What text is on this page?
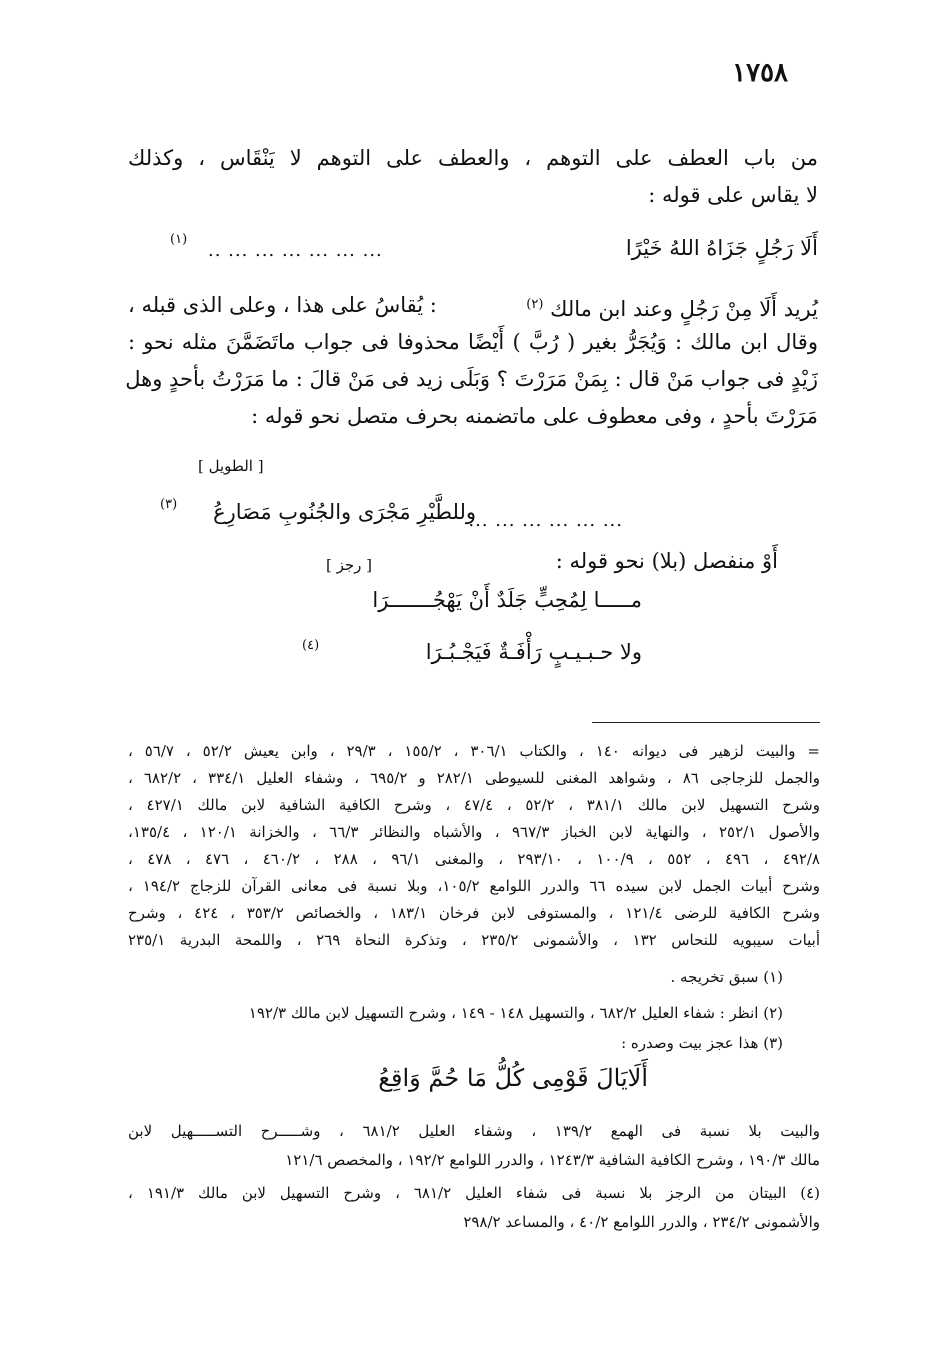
١٧٥٨
من باب العطف على التوهم ، والعطف على التوهم لا يَنْقَاس ، وكذلك
لا يقاس على قوله :
أَلَا رَجُلٍ جَزَاهُ اللهُ خَيْرًا
.. ... ... ... ... ... ...
(١)
يُريد أَلَا مِنْ رَجُلٍ وعند ابن مالك $^{(٢)}$
: يُقاسُ على هذا ، وعلى الذى قبله ،
وقال ابن مالك : وَيُجَرُّ بغير ( رُبَّ ) أَيْضًا محذوفا فى جواب ماتَضَمَّنَ مثله نحو :
زَيْدٍ فى جواب مَنْ قال : بِمَنْ مَرَرْتَ ؟ وَبَلَى زيد فى مَنْ قالَ : ما مَرَرْتُ بأحدٍ وهل
مَرَرْتَ بأحدٍ ، وفى معطوف على ماتضمنه بحرف متصل نحو قوله :
[ الطويل ]
وللطَّيْرِ مَجْرَى والجُنُوبِ مَصَارِعُ
(٣)
... ... ... ... ... ...
أَوْ منفصل (بلا) نحو قوله :
[ رجز ]
مـــــا لِمُحِبٍّ جَلَدٌ أَنْ يَهْجُـــــــرَا
ولا حـبـيـبٍ رَأْفَـةٌ فَيَجْـبُـرَا
(٤)
= والبيت لزهير فى ديوانه ١٤٠ ، والكتاب ٣٠٦/١ ، ١٥٥/٢ ، ٢٩/٣ ، وابن يعيش ٥٢/٢ ، ٥٦/٧ ،
والجمل للزجاجى ٨٦ ، وشواهد المغنى للسيوطى ٢٨٢/١ و ٦٩٥/٢ ، وشفاء العليل ٣٣٤/١ ، ٦٨٢/٢ ،
وشرح التسهيل لابن مالك ٣٨١/١ ، ٥٢/٢ ، ٤٧/٤ ، وشرح الكافية الشافية لابن مالك ٤٢٧/١ ،
والأصول ٢٥٢/١ ، والنهاية لابن الخباز ٩٦٧/٣ ، والأشباه والنظائر ٦٦/٣ ، والخزانة ١٢٠/١ ، ١٣٥/٤،
٤٩٢/٨ ، ٤٩٦ ، ٥٥٢ ، ١٠٠/٩ ، ٢٩٣/١٠ ، والمغنى ٩٦/١ ، ٢٨٨ ، ٤٦٠/٢ ، ٤٧٦ ، ٤٧٨ ،
وشرح أبيات الجمل لابن سيده ٦٦ والدرر اللوامع ١٠٥/٢، وبلا نسبة فى معانى القرآن للزجاج ١٩٤/٢ ،
وشرح الكافية للرضى ١٢١/٤ ، والمستوفى لابن فرخان ١٨٣/١ ، والخصائص ٣٥٣/٢ ، ٤٢٤ ، وشرح
أبيات سيبويه للنحاس ١٣٢ ، والأشمونى ٢٣٥/٢ ، وتذكرة النحاة ٢٦٩ ، واللمحة البدرية ٢٣٥/١
(١) سبق تخريجه .
(٢) انظر : شفاء العليل ٦٨٢/٢ ، والتسهيل ١٤٨ - ١٤٩ ، وشرح التسهيل لابن مالك ١٩٢/٣
(٣) هذا عجز بيت وصدره :
أَلَايَالَ قَوْمِى كُلُّ مَا حُمَّ وَاقِعُ
والبيت بلا نسبة فى الهمع ١٣٩/٢ ، وشفاء العليل ٦٨١/٢ ، وشـــــرح التســـــهيل لابن
مالك ١٩٠/٣ ، وشرح الكافية الشافية ١٢٤٣/٣ ، والدرر اللوامع ١٩٢/٢ ، والمخصص ١٢١/٦
(٤) البيتان من الرجز بلا نسبة فى شفاء العليل ٦٨١/٢ ، وشرح التسهيل لابن مالك ١٩١/٣ ،
والأشمونى ٢٣٤/٢ ، والدرر اللوامع ٤٠/٢ ، والمساعد ٢٩٨/٢
